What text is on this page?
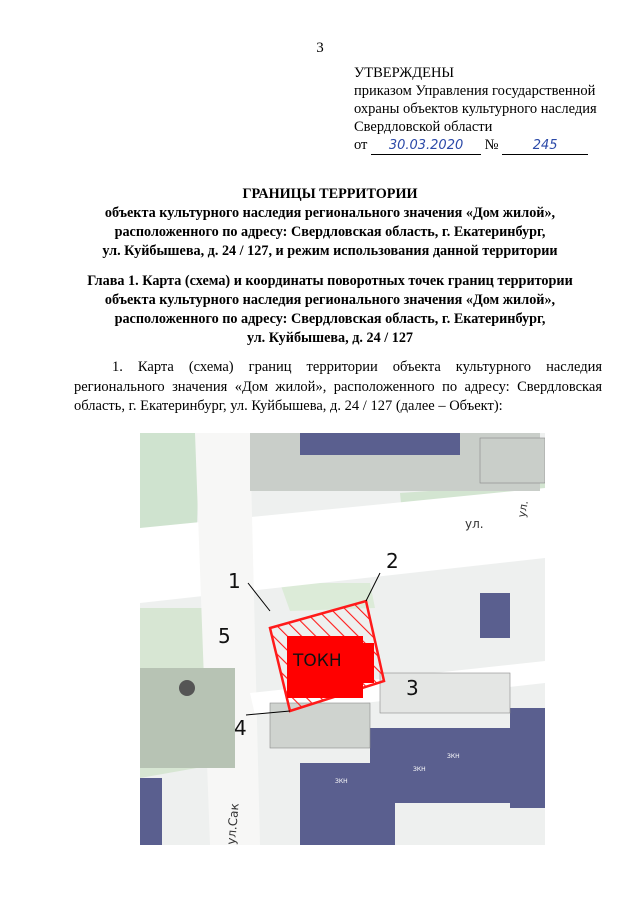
3
УТВЕРЖДЕНЫ
приказом Управления государственной
охраны объектов культурного наследия
Свердловской области
от 30.03.2020 №	245
ГРАНИЦЫ ТЕРРИТОРИИ
объекта культурного наследия регионального значения «Дом жилой»,
расположенного по адресу: Свердловская область, г. Екатеринбург,
ул. Куйбышева, д. 24 / 127, и режим использования данной территории
Глава 1. Карта (схема) и координаты поворотных точек границ территории
объекта культурного наследия регионального значения «Дом жилой»,
расположенного по адресу: Свердловская область, г. Екатеринбург,
ул. Куйбышева, д. 24 / 127
1. Карта (схема) границ территории объекта культурного наследия
регионального значения «Дом жилой», расположенного по адресу: Свердловская
область, г. Екатеринбург, ул. Куйбышева, д. 24 / 127 (далее – Объект):
ЗКН
ЗКН
ЗКН
ул.
ул.
ул.Сак
ТОКН
1
2
3
4
5
